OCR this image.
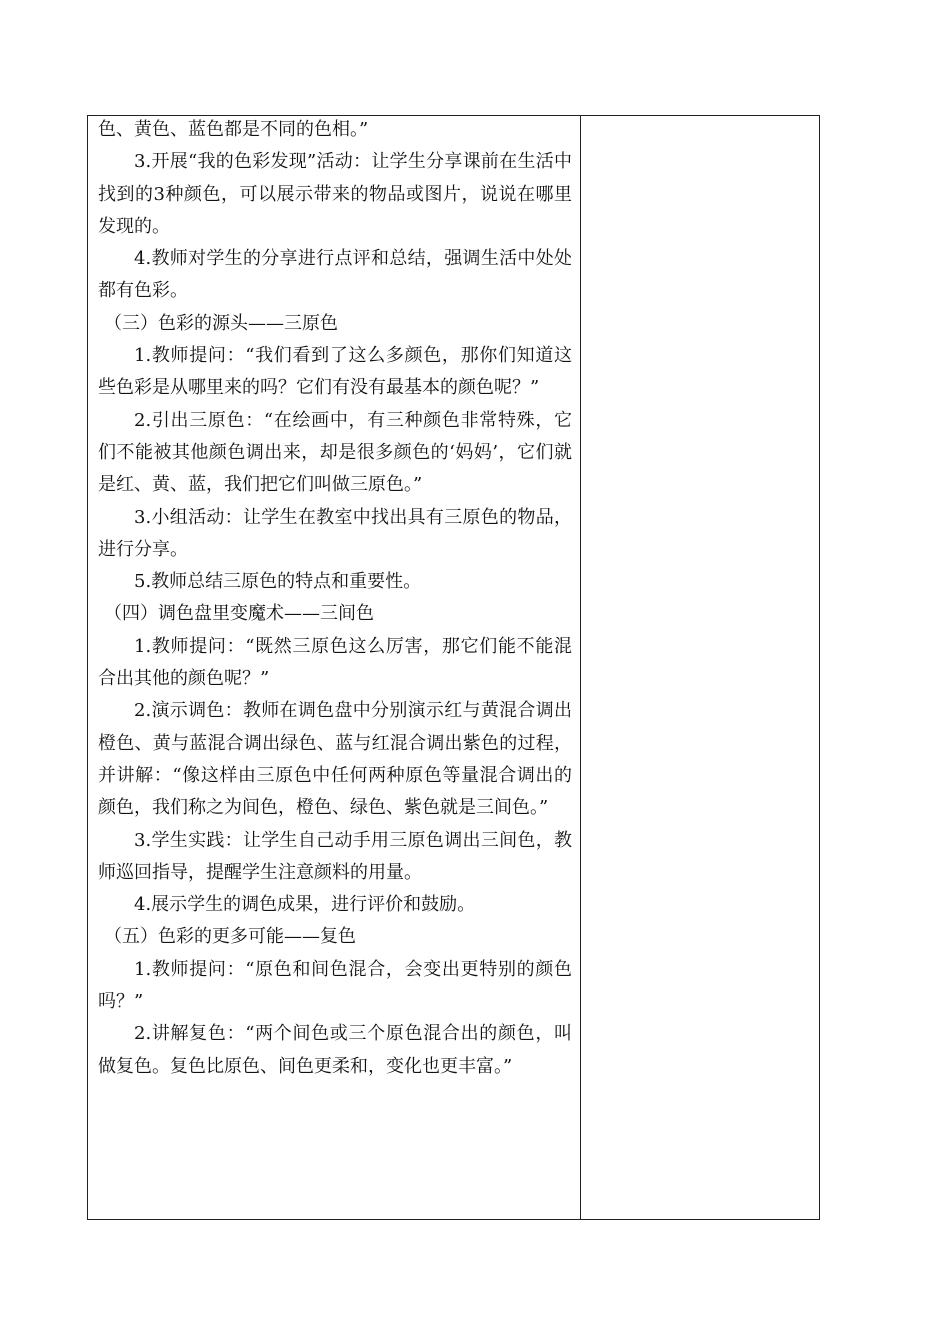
色、黄色、蓝色都是不同的色相。”

3.开展“我的色彩发现”活动：让学生分享课前在生活中找到的3种颜色，可以展示带来的物品或图片，说说在哪里发现的。

4.教师对学生的分享进行点评和总结，强调生活中处处都有色彩。

（三）色彩的源头——三原色

1.教师提问：“我们看到了这么多颜色，那你们知道这些色彩是从哪里来的吗？它们有没有最基本的颜色呢？”

2.引出三原色：“在绘画中，有三种颜色非常特殊，它们不能被其他颜色调出来，却是很多颜色的‘妈妈’，它们就是红、黄、蓝，我们把它们叫做三原色。”

3.小组活动：让学生在教室中找出具有三原色的物品，进行分享。

5.教师总结三原色的特点和重要性。

（四）调色盘里变魔术——三间色

1.教师提问：“既然三原色这么厉害，那它们能不能混合出其他的颜色呢？”

2.演示调色：教师在调色盘中分别演示红与黄混合调出橙色、黄与蓝混合调出绿色、蓝与红混合调出紫色的过程，并讲解：“像这样由三原色中任何两种原色等量混合调出的颜色，我们称之为间色，橙色、绿色、紫色就是三间色。”

3.学生实践：让学生自己动手用三原色调出三间色，教师巡回指导，提醒学生注意颜料的用量。

4.展示学生的调色成果，进行评价和鼓励。

（五）色彩的更多可能——复色

1.教师提问：“原色和间色混合，会变出更特别的颜色吗？”

2.讲解复色：“两个间色或三个原色混合出的颜色，叫做复色。复色比原色、间色更柔和，变化也更丰富。”
